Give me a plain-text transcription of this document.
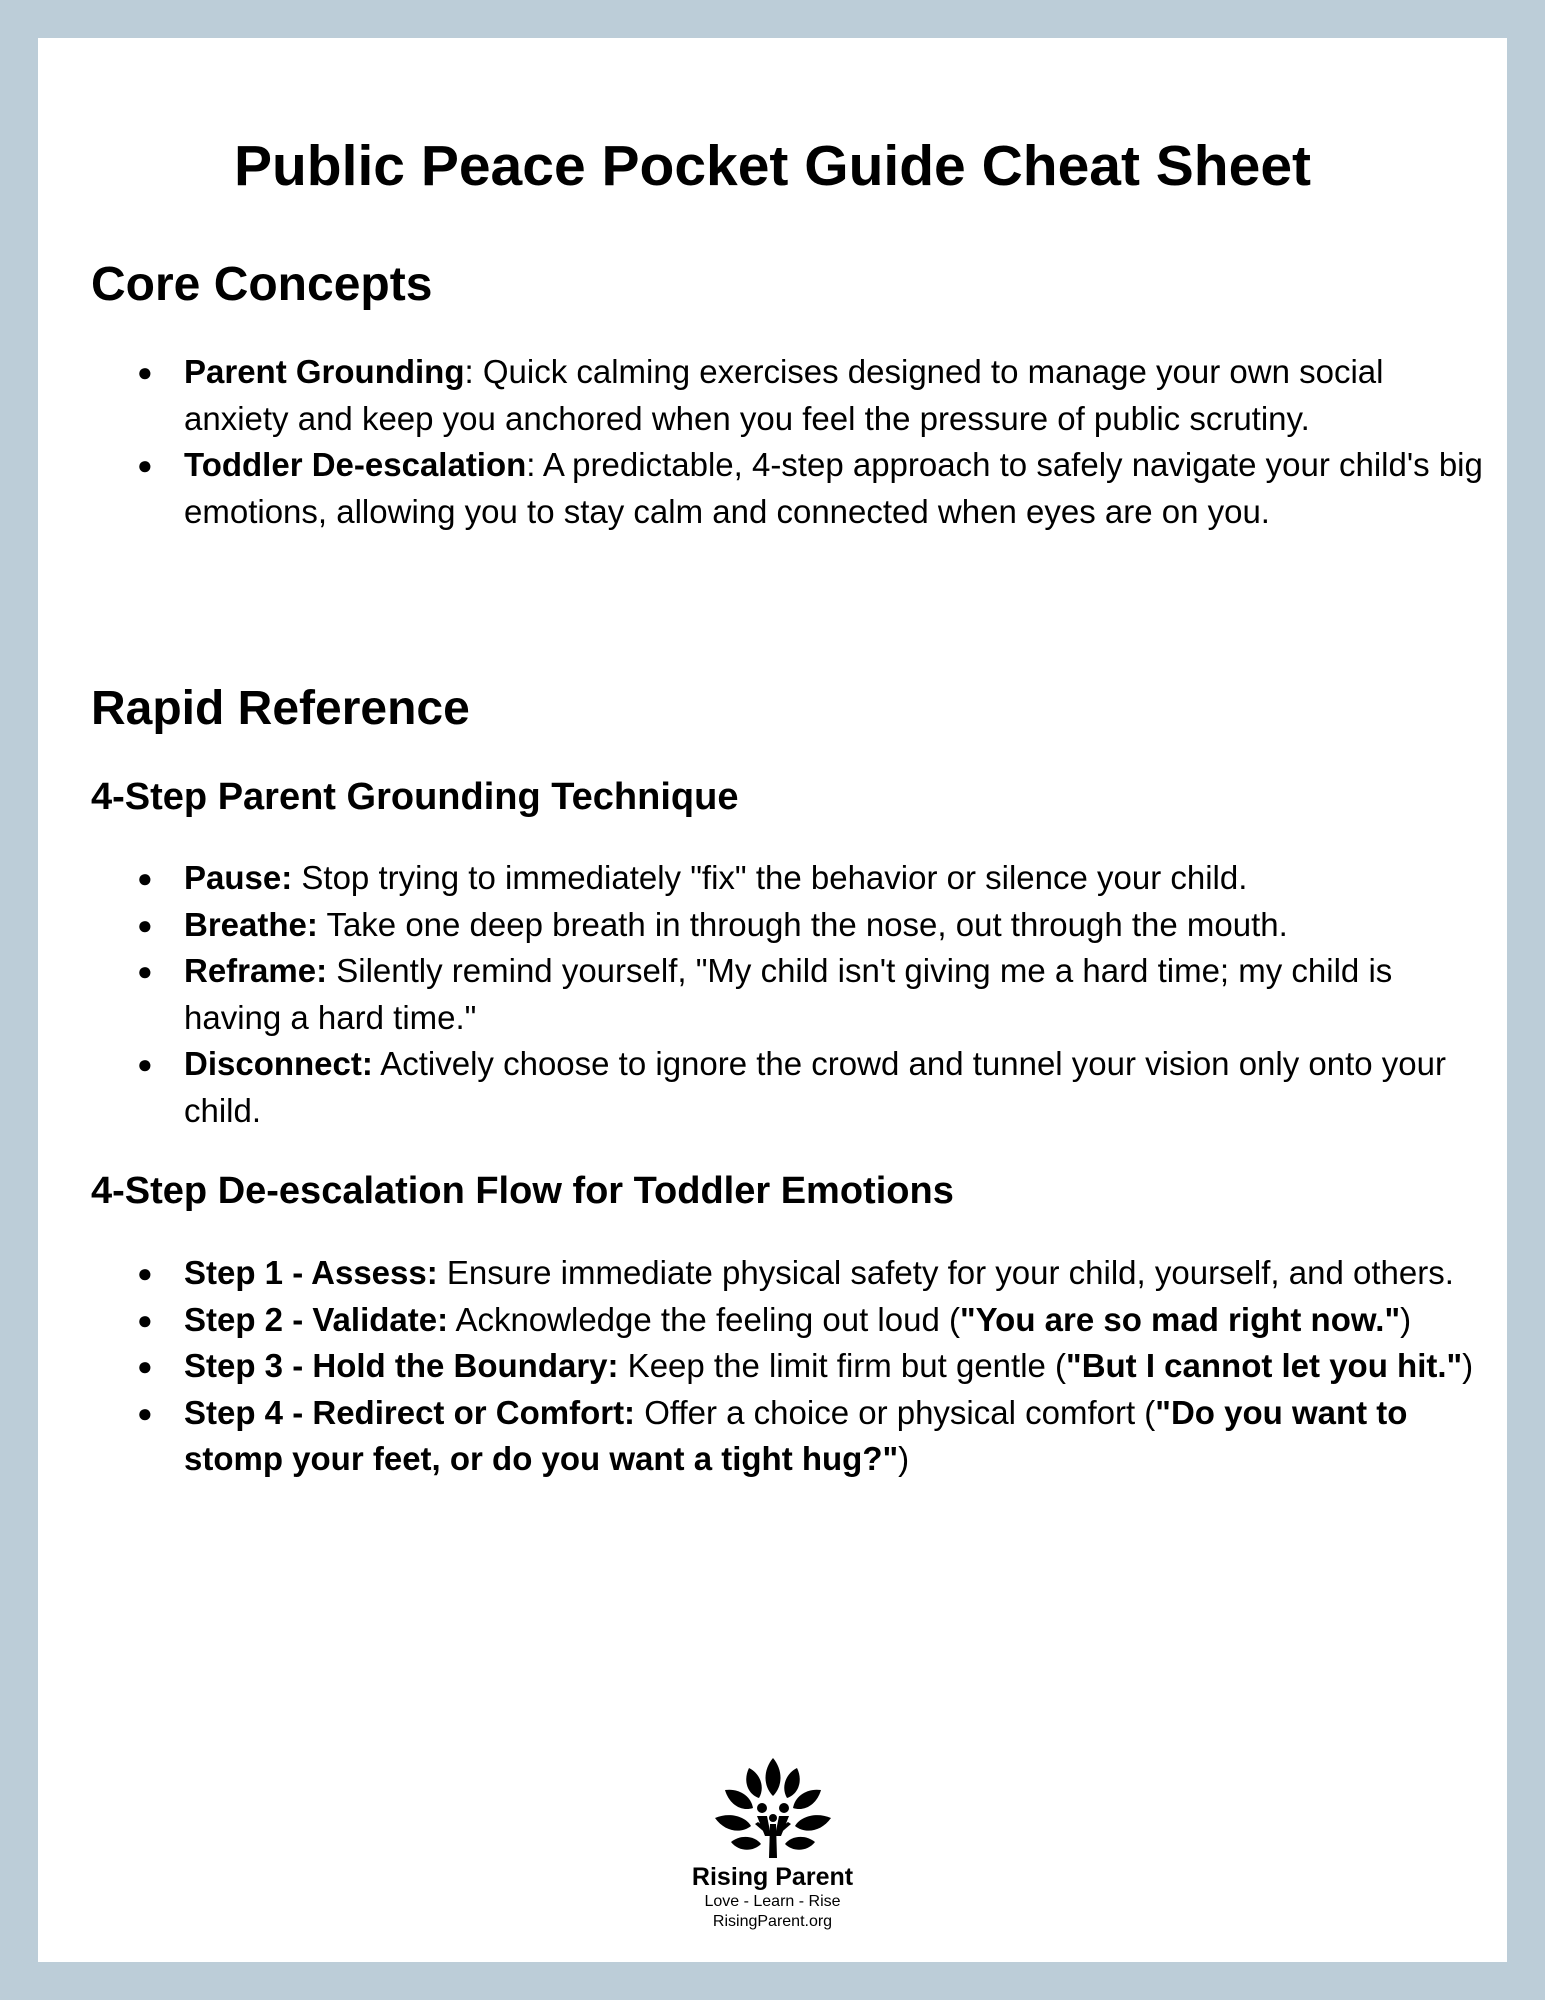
Public Peace Pocket Guide Cheat Sheet
Core Concepts
● Parent Grounding: Quick calming exercises designed to manage your own social anxiety and keep you anchored when you feel the pressure of public scrutiny.
● Toddler De-escalation: A predictable, 4-step approach to safely navigate your child's big emotions, allowing you to stay calm and connected when eyes are on you.
Rapid Reference
4-Step Parent Grounding Technique
● Pause: Stop trying to immediately "fix" the behavior or silence your child.
● Breathe: Take one deep breath in through the nose, out through the mouth.
● Reframe: Silently remind yourself, "My child isn't giving me a hard time; my child is having a hard time."
● Disconnect: Actively choose to ignore the crowd and tunnel your vision only onto your child.
4-Step De-escalation Flow for Toddler Emotions
● Step 1 - Assess: Ensure immediate physical safety for your child, yourself, and others.
● Step 2 - Validate: Acknowledge the feeling out loud ("You are so mad right now.")
● Step 3 - Hold the Boundary: Keep the limit firm but gentle ("But I cannot let you hit.")
● Step 4 - Redirect or Comfort: Offer a choice or physical comfort ("Do you want to stomp your feet, or do you want a tight hug?")
Rising Parent
Love - Learn - Rise
RisingParent.org
